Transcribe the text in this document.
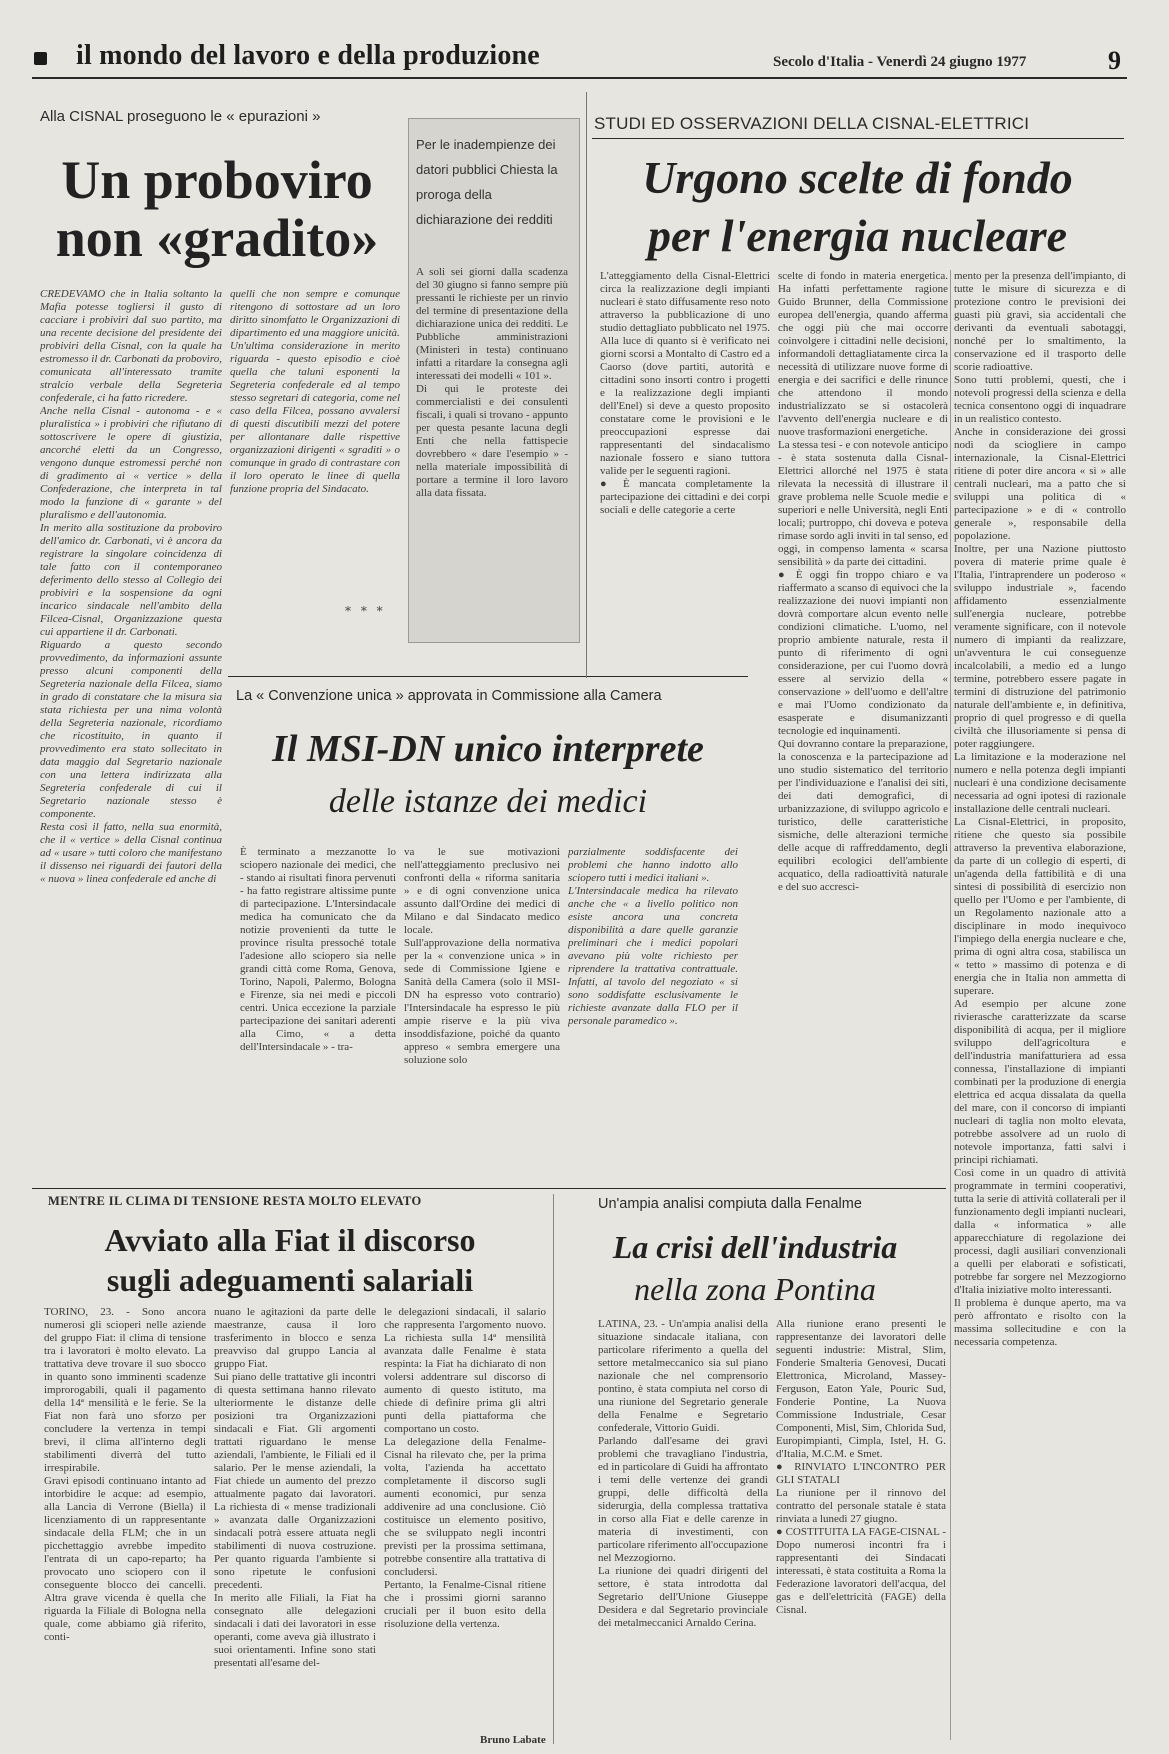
il mondo del lavoro e della produzione	Secolo d'Italia - Venerdì 24 giugno 1977	9
Alla CISNAL proseguono le « epurazioni »
Un proboviro
non «gradito»
CREDEVAMO che in Italia soltanto la Mafia potesse togliersi il gusto di cacciare i probiviri dal suo partito, ma una recente decisione del presidente dei probiviri della Cisnal, con la quale ha estromesso il dr. Carbonati da proboviro, comunicata all'interessato tramite stralcio verbale della Segreteria confederale, ci ha fatto ricredere.
Anche nella Cisnal - autonoma - e « pluralistica » i probiviri che rifiutano di sottoscrivere le opere di giustizia, ancorché eletti da un Congresso, vengono dunque estromessi perché non di gradimento ai « vertice » della Confederazione, che interpreta in tal modo la funzione di « garante » del pluralismo e dell'autonomia.
In merito alla sostituzione da proboviro dell'amico dr. Carbonati, vi è ancora da registrare la singolare coincidenza di tale fatto con il contemporaneo deferimento dello stesso al Collegio dei probiviri e la sospensione da ogni incarico sindacale nell'ambito della Filcea-Cisnal, Organizzazione questa cui appartiene il dr. Carbonati.
Riguardo a questo secondo provvedimento, da informazioni assunte presso alcuni componenti della Segreteria nazionale della Filcea, siamo in grado di constatare che la misura sia stata richiesta per una nima volontà della Segreteria nazionale, ricordiamo che ricostituito, in quanto il provvedimento era stato sollecitato in data maggio dal Segretario nazionale con una lettera indirizzata alla Segreteria confederale di cui il Segretario nazionale stesso è componente.
Resta così il fatto, nella sua enormità, che il « vertice » della Cisnal continua ad « usare » tutti coloro che manifestano il dissenso nei riguardi dei fautori della « nuova » linea confederale ed anche di
quelli che non sempre e comunque ritengono di sottostare ad un loro diritto sinomfatto le Organizzazioni di dipartimento ed una maggiore unicità.
Un'ultima considerazione in merito riguarda - questo episodio e cioè quella che taluni esponenti la Segreteria confederale ed al tempo stesso segretari di categoria, come nel caso della Filcea, possano avvalersi di questi discutibili mezzi del potere per allontanare dalle rispettive organizzazioni dirigenti « sgraditi » o comunque in grado di contrastare con il loro operato le linee di quella funzione propria del Sindacato.
* * *
Per le inadempienze dei datori pubblici Chiesta la proroga della dichiarazione dei redditi
A soli sei giorni dalla scadenza del 30 giugno si fanno sempre più pressanti le richieste per un rinvio del termine di presentazione della dichiarazione unica dei redditi. Le Pubbliche amministrazioni (Ministeri in testa) continuano infatti a ritardare la consegna agli interessati dei modelli « 101 ».
Di qui le proteste dei commercialisti e dei consulenti fiscali, i quali si trovano - appunto per questa pesante lacuna degli Enti che nella fattispecie dovrebbero « dare l'esempio » - nella materiale impossibilità di portare a termine il loro lavoro alla data fissata.
STUDI ED OSSERVAZIONI DELLA CISNAL-ELETTRICI
Urgono scelte di fondo
per l'energia nucleare
L'atteggiamento della Cisnal-Elettrici circa la realizzazione degli impianti nucleari è stato diffusamente reso noto attraverso la pubblicazione di uno studio dettagliato pubblicato nel 1975. Alla luce di quanto si è verificato nei giorni scorsi a Montalto di Castro ed a Caorso (dove partiti, autorità e cittadini sono insorti contro i progetti e la realizzazione degli impianti dell'Enel) si deve a questo proposito constatare come le provisioni e le preoccupazioni espresse dai rappresentanti del sindacalismo nazionale fossero e siano tuttora valide per le seguenti ragioni.
● È mancata completamente la partecipazione dei cittadini e dei corpi sociali e delle categorie a certe
scelte di fondo in materia energetica. Ha infatti perfettamente ragione Guido Brunner, della Commissione europea dell'energia, quando afferma che oggi più che mai occorre coinvolgere i cittadini nelle decisioni, informandoli dettagliatamente circa la necessità di utilizzare nuove forme di energia e dei sacrifici e delle rinunce che attendono il mondo industrializzato se si ostacolerà l'avvento dell'energia nucleare e di nuove trasformazioni energetiche.
La stessa tesi - e con notevole anticipo - è stata sostenuta dalla Cisnal-Elettrici allorché nel 1975 è stata rilevata la necessità di illustrare il grave problema nelle Scuole medie e superiori e nelle Università, negli Enti locali; purtroppo, chi doveva e poteva rimase sordo agli inviti in tal senso, ed oggi, in compenso lamenta « scarsa sensibilità » da parte dei cittadini.
● È oggi fin troppo chiaro e va riaffermato a scanso di equivoci che la realizzazione dei nuovi impianti non dovrà comportare alcun evento nelle condizioni climatiche. L'uomo, nel proprio ambiente naturale, resta il punto di riferimento di ogni considerazione, per cui l'uomo dovrà essere al servizio della « conservazione » dell'uomo e dell'altre e mai l'Uomo condizionato da esasperate e disumanizzanti tecnologie ed inquinamenti.
Qui dovranno contare la preparazione, la conoscenza e la partecipazione ad uno studio sistematico del territorio per l'individuazione e l'analisi dei siti, dei dati demografici, di urbanizzazione, di sviluppo agricolo e turistico, delle caratteristiche sismiche, delle alterazioni termiche delle acque di raffreddamento, degli equilibri ecologici dell'ambiente acquatico, della radioattività naturale e del suo accresci-
mento per la presenza dell'impianto, di tutte le misure di sicurezza e di protezione contro le previsioni dei guasti più gravi, sia accidentali che derivanti da eventuali sabotaggi, nonché per lo smaltimento, la conservazione ed il trasporto delle scorie radioattive.
Sono tutti problemi, questi, che i notevoli progressi della scienza e della tecnica consentono oggi di inquadrare in un realistico contesto.
Anche in considerazione dei grossi nodi da sciogliere in campo internazionale, la Cisnal-Elettrici ritiene di poter dire ancora « sì » alle centrali nucleari, ma a patto che si sviluppi una politica di « partecipazione » e di « controllo generale », responsabile della popolazione.
Inoltre, per una Nazione piuttosto povera di materie prime quale è l'Italia, l'intraprendere un poderoso « sviluppo industriale », facendo affidamento essenzialmente sull'energia nucleare, potrebbe veramente significare, con il notevole numero di impianti da realizzare, un'avventura le cui conseguenze incalcolabili, a medio ed a lungo termine, potrebbero essere pagate in termini di distruzione del patrimonio naturale dell'ambiente e, in definitiva, proprio di quel progresso e di quella civiltà che illusoriamente si pensa di poter raggiungere.
La limitazione e la moderazione nel numero e nella potenza degli impianti nucleari è una condizione decisamente necessaria ad ogni ipotesi di razionale installazione delle centrali nucleari.
La Cisnal-Elettrici, in proposito, ritiene che questo sia possibile attraverso la preventiva elaborazione, da parte di un collegio di esperti, di un'agenda della fattibilità e di una sintesi di possibilità di esercizio non quello per l'Uomo e per l'ambiente, di un Regolamento nazionale atto a disciplinare in modo inequivoco l'impiego della energia nucleare e che, prima di ogni altra cosa, stabilisca un « tetto » massimo di potenza e di energia che in Italia non ammetta di superare.
Ad esempio per alcune zone rivierasche caratterizzate da scarse disponibilità di acqua, per il migliore sviluppo dell'agricoltura e dell'industria manifatturiera ad essa connessa, l'installazione di impianti combinati per la produzione di energia elettrica ed acqua dissalata da quella del mare, con il concorso di impianti nucleari di taglia non molto elevata, potrebbe assolvere ad un ruolo di notevole importanza, fatti salvi i principi richiamati.
Così come in un quadro di attività programmate in termini cooperativi, tutta la serie di attività collaterali per il funzionamento degli impianti nucleari, dalla « informatica » alle apparecchiature di regolazione dei processi, dagli ausiliari convenzionali a quelli per elaborati e sofisticati, potrebbe far sorgere nel Mezzogiorno d'Italia iniziative molto interessanti.
Il problema è dunque aperto, ma va però affrontato e risolto con la massima sollecitudine e con la necessaria competenza.
La « Convenzione unica » approvata in Commissione alla Camera
Il MSI-DN unico interprete
delle istanze dei medici
È terminato a mezzanotte lo sciopero nazionale dei medici, che - stando ai risultati finora pervenuti - ha fatto registrare altissime punte di partecipazione. L'Intersindacale medica ha comunicato che da notizie provenienti da tutte le province risulta pressoché totale l'adesione allo sciopero sia nelle grandi città come Roma, Genova, Torino, Napoli, Palermo, Bologna e Firenze, sia nei medi e piccoli centri. Unica eccezione la parziale partecipazione dei sanitari aderenti alla Cimo, « a detta dell'Intersindacale » - tra-
va le sue motivazioni nell'atteggiamento preclusivo nei confronti della « riforma sanitaria » e di ogni convenzione unica assunto dall'Ordine dei medici di Milano e dal Sindacato medico locale.
Sull'approvazione della normativa per la « convenzione unica » in sede di Commissione Igiene e Sanità della Camera (solo il MSI-DN ha espresso voto contrario) l'Intersindacale ha espresso le più ampie riserve e la più viva insoddisfazione, poiché da quanto appreso « sembra emergere una soluzione solo
parzialmente soddisfacente dei problemi che hanno indotto allo sciopero tutti i medici italiani ».
L'Intersindacale medica ha rilevato anche che « a livello politico non esiste ancora una concreta disponibilità a dare quelle garanzie preliminari che i medici popolari avevano più volte richiesto per riprendere la trattativa contrattuale. Infatti, al tavolo del negoziato « si sono soddisfatte esclusivamente le richieste avanzate dalla FLO per il personale paramedico ».
MENTRE IL CLIMA DI TENSIONE RESTA MOLTO ELEVATO
Avviato alla Fiat il discorso
sugli adeguamenti salariali
TORINO, 23. - Sono ancora numerosi gli scioperi nelle aziende del gruppo Fiat: il clima di tensione tra i lavoratori è molto elevato. La trattativa deve trovare il suo sbocco in quanto sono imminenti scadenze improrogabili, quali il pagamento della 14ª mensilità e le ferie. Se la Fiat non farà uno sforzo per concludere la vertenza in tempi brevi, il clima all'interno degli stabilimenti diverrà del tutto irrespirabile.
Gravi episodi continuano intanto ad intorbidire le acque: ad esempio, alla Lancia di Verrone (Biella) il licenziamento di un rappresentante sindacale della FLM; che in un picchettaggio avrebbe impedito l'entrata di un capo-reparto; ha provocato uno sciopero con il conseguente blocco dei cancelli. Altra grave vicenda è quella che riguarda la Filiale di Bologna nella quale, come abbiamo già riferito, conti-
nuano le agitazioni da parte delle maestranze, causa il loro trasferimento in blocco e senza preavviso dal gruppo Lancia al gruppo Fiat.
Sui piano delle trattative gli incontri di questa settimana hanno rilevato ulteriormente le distanze delle posizioni tra Organizzazioni sindacali e Fiat. Gli argomenti trattati riguardano le mense aziendali, l'ambiente, le Filiali ed il salario. Per le mense aziendali, la Fiat chiede un aumento del prezzo attualmente pagato dai lavoratori. La richiesta di « mense tradizionali » avanzata dalle Organizzazioni sindacali potrà essere attuata negli stabilimenti di nuova costruzione. Per quanto riguarda l'ambiente si sono ripetute le confusioni precedenti.
In merito alle Filiali, la Fiat ha consegnato alle delegazioni sindacali i dati dei lavoratori in esse operanti, come aveva già illustrato i suoi orientamenti. Infine sono stati presentati all'esame del-
le delegazioni sindacali, il salario che rappresenta l'argomento nuovo. La richiesta sulla 14ª mensilità avanzata dalle Fenalme è stata respinta: la Fiat ha dichiarato di non volersi addentrare sul discorso di aumento di questo istituto, ma chiede di definire prima gli altri punti della piattaforma che comportano un costo.
La delegazione della Fenalme-Cisnal ha rilevato che, per la prima volta, l'azienda ha accettato completamente il discorso sugli aumenti economici, pur senza addivenire ad una conclusione. Ciò costituisce un elemento positivo, che se sviluppato negli incontri previsti per la prossima settimana, potrebbe consentire alla trattativa di concludersi.
Pertanto, la Fenalme-Cisnal ritiene che i prossimi giorni saranno cruciali per il buon esito della risoluzione della vertenza.
Bruno Labate
Un'ampia analisi compiuta dalla Fenalme
La crisi dell'industria
nella zona Pontina
LATINA, 23. - Un'ampia analisi della situazione sindacale italiana, con particolare riferimento a quella del settore metalmeccanico sia sul piano nazionale che nel comprensorio pontino, è stata compiuta nel corso di una riunione del Segretario generale della Fenalme e Segretario confederale, Vittorio Guidi.
Parlando dall'esame dei gravi problemi che travagliano l'industria, ed in particolare di Guidi ha affrontato i temi delle vertenze dei grandi gruppi, delle difficoltà della siderurgia, della complessa trattativa in corso alla Fiat e delle carenze in materia di investimenti, con particolare riferimento all'occupazione nel Mezzogiorno.
La riunione dei quadri dirigenti del settore, è stata introdotta dal Segretario dell'Unione Giuseppe Desidera e dal Segretario provinciale dei metalmeccanici Arnaldo Cerina.
Alla riunione erano presenti le rappresentanze dei lavoratori delle seguenti industrie: Mistral, Slim, Fonderie Smalteria Genovesi, Ducati Elettronica, Microland, Massey-Ferguson, Eaton Yale, Pouric Sud, Fonderie Pontine, La Nuova Commissione Industriale, Cesar Componenti, Misl, Sim, Chlorida Sud, Europimpianti, Cimpla, Istel, H. G. d'Italia, M.C.M. e Smet.
● RINVIATO L'INCONTRO PER GLI STATALI
La riunione per il rinnovo del contratto del personale statale è stata rinviata a lunedì 27 giugno.
● COSTITUITA LA FAGE-CISNAL - Dopo numerosi incontri fra i rappresentanti dei Sindacati interessati, è stata costituita a Roma la Federazione lavoratori dell'acqua, del gas e dell'elettricità (FAGE) della Cisnal.
